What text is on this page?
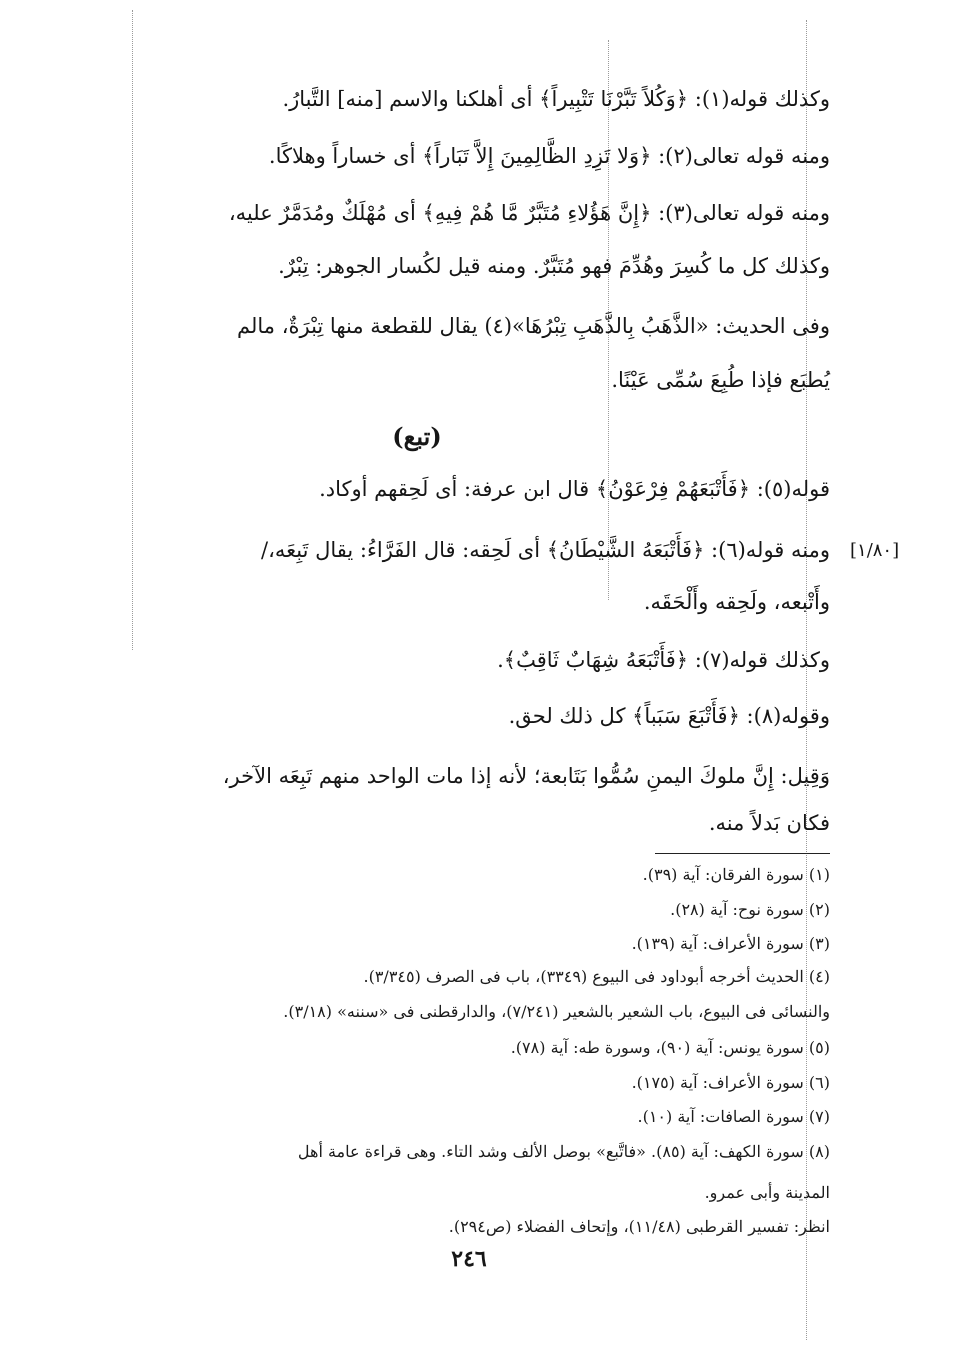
وكذلك قوله(١): ﴿وَكُلاً تَبَّرْنَا تَتْبِيراً﴾ أى أهلكنا والاسم [منه] التَّبارُ.
ومنه قوله تعالى(٢): ﴿وَلا تَزِدِ الظَّالِمِينَ إِلاَّ تَبَاراً﴾ أى خساراً وهلاكًا.
ومنه قوله تعالى(٣): ﴿إِنَّ هَؤُلاءِ مُتَبَّرٌ مَّا هُمْ فِيهِ﴾ أى مُهْلَكٌ ومُدَمَّرٌ عليه،
وكذلك كل ما كُسِرَ وهُدِّمَ فهو مُتَبَّرٌ. ومنه قيل لكُسار الجوهر: تِبْرٌ.
وفى الحديث: «الذَّهَبُ بِالذَّهَبِ تِبْرُهَا»(٤) يقال للقطعة منها تِبْرَةٌ، مالم
يُطبَع فإذا طُبِعَ سُمِّى عَيْنًا.
(تبع)
قوله(٥): ﴿فَأَتْبَعَهُمْ فِرْعَوْنُ﴾ قال ابن عرفة: أى لَحِقهم أوكاد.
ومنه قوله(٦): ﴿فَأَتْبَعَهُ الشَّيْطَانُ﴾ أى لَحِقه: قال الفَرَّاءُ: يقال تَبِعَه،/ [١/٨٠]
وأَتْبعه، ولَحِقه وأَلْحَقَه.
وكذلك قوله(٧): ﴿فَأَتْبَعَهُ شِهَابٌ ثَاقِبٌ﴾.
وقوله(٨): ﴿فَأَتْبَعَ سَبَباً﴾ كل ذلك لحق.
وَقِيل: إِنَّ ملوكَ اليمنِ سُمُّوا بَتَابعة؛ لأنه إذا مات الواحد منهم تَبِعَه الآخر،
فكان بَدلاً منه.
(١) سورة الفرقان: آية (٣٩).
(٢) سورة نوح: آية (٢٨).
(٣) سورة الأعراف: آية (١٣٩).
(٤) الحديث أخرجه أبوداود فى البيوع (٣٣٤٩)، باب فى الصرف (٣/٣٤٥).
والنسائى فى البيوع، باب الشعير بالشعير (٧/٢٤١)، والدارقطنى فى «سننه» (٣/١٨).
(٥) سورة يونس: آية (٩٠)، وسورة طه: آية (٧٨).
(٦) سورة الأعراف: آية (١٧٥).
(٧) سورة الصافات: آية (١٠).
(٨) سورة الكهف: آية (٨٥). «فاتَّبع» بوصل الألف وشد التاء. وهى قراءة عامة أهل
المدينة وأبى عمرو.
انظر: تفسير القرطبى (١١/٤٨)، وإتحاف الفضلاء (ص٢٩٤).
٢٤٦
